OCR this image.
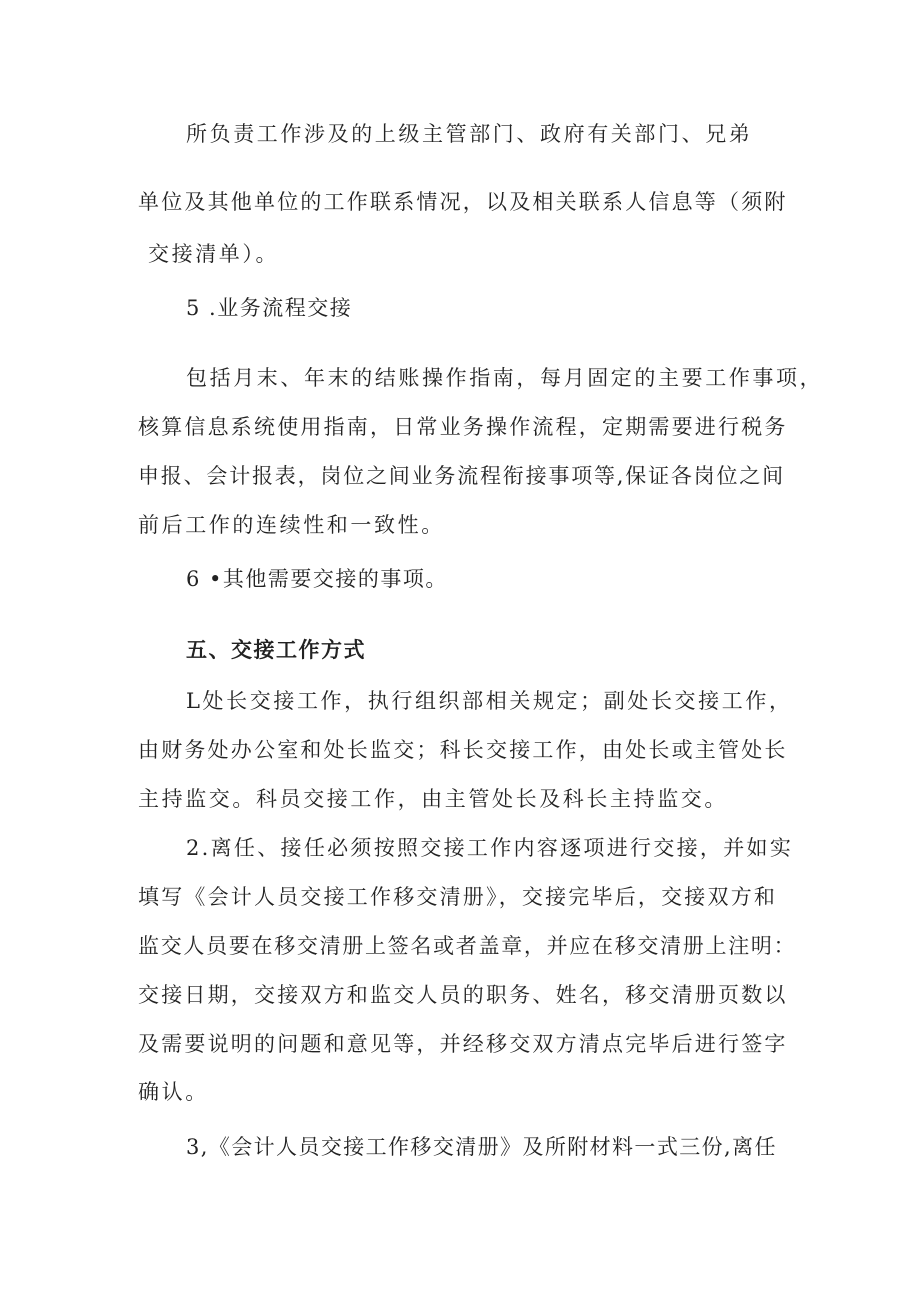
所负责工作涉及的上级主管部门、政府有关部门、兄弟

单位及其他单位的工作联系情况，以及相关联系人信息等（须附

交接清单）。

5 .业务流程交接

包括月末、年末的结账操作指南，每月固定的主要工作事项，

核算信息系统使用指南，日常业务操作流程，定期需要进行税务

申报、会计报表，岗位之间业务流程衔接事项等,保证各岗位之间

前后工作的连续性和一致性。

6 •其他需要交接的事项。

五、交接工作方式

L处长交接工作，执行组织部相关规定；副处长交接工作，

由财务处办公室和处长监交；科长交接工作，由处长或主管处长

主持监交。科员交接工作，由主管处长及科长主持监交。

2.离任、接任必须按照交接工作内容逐项进行交接，并如实

填写《会计人员交接工作移交清册》，交接完毕后，交接双方和

监交人员要在移交清册上签名或者盖章，并应在移交清册上注明：

交接日期，交接双方和监交人员的职务、姓名，移交清册页数以

及需要说明的问题和意见等，并经移交双方清点完毕后进行签字

确认。

3,《会计人员交接工作移交清册》及所附材料一式三份,离任
